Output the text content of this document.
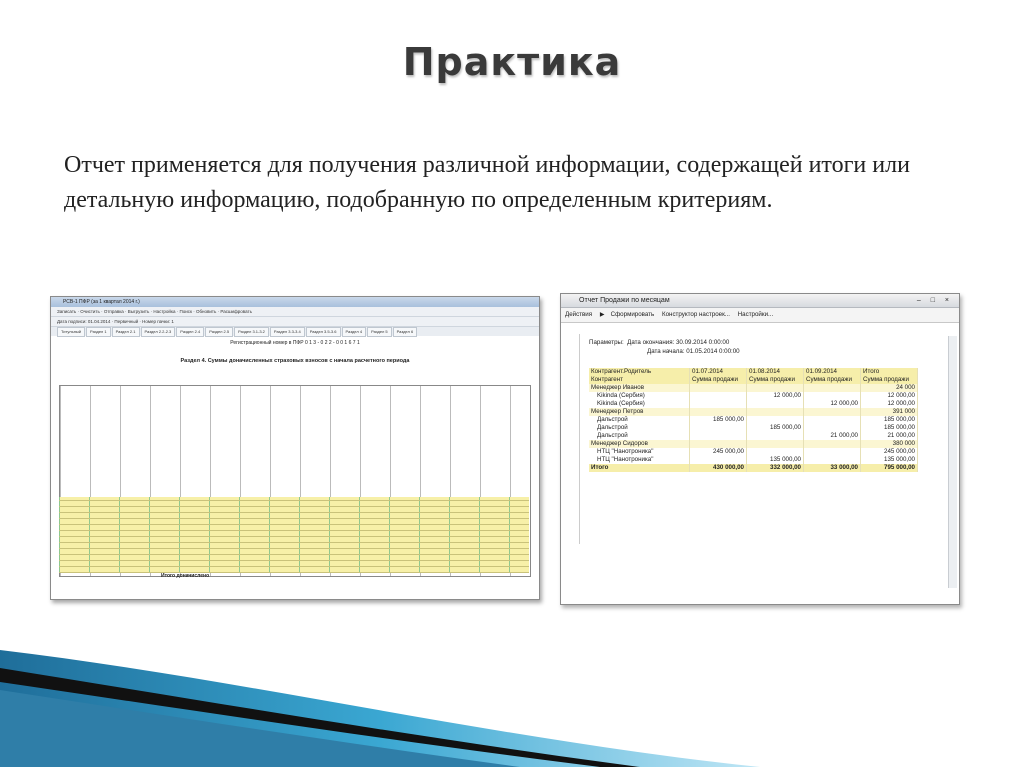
Практика

Отчет применяется для получения различной информации, содержащей итоги или детальную информацию, подобранную по определенным критериям.

РСВ-1 ПФР (за 1 квартал 2014 г.)
Записать · Очистить · Отправка · Выгрузить · Настройка · Поиск · Обновить · Расшифровать
Дата подписи: 01.04.2014 · Первичный · Номер пачки: 1
Титульный	Раздел 1	Раздел 2.1	Раздел 2.2-2.3	Раздел 2.4	Раздел 2.5	Раздел 3.1-3.2	Раздел 3.3-3.4	Раздел 3.5-3.6	Раздел 4	Раздел 5	Раздел 6
Регистрационный номер в ПФР 0 1 3 - 0 2 2 - 0 0 1 6 7 1
Раздел 4. Суммы доначисленных страховых взносов с начала расчетного периода
Итого доначислено
Отчет Продажи по месяцам	– □ ×
Действия ▶ Сформировать Конструктор настроек... Настройки...
Параметры: Дата окончания: 30.09.2014 0:00:00
Дата начала: 01.05.2014 0:00:00
Контрагент.Родитель	01.07.2014	01.08.2014	01.09.2014	Итого
Контрагент	Сумма продажи	Сумма продажи	Сумма продажи	Сумма продажи
Менеджер Иванов				24 000
Kikinda (Сербия)		12 000,00		12 000,00
Kikinda (Сербия)			12 000,00	12 000,00
Менеджер Петров				391 000
Дальстрой	185 000,00			185 000,00
Дальстрой		185 000,00		185 000,00
Дальстрой			21 000,00	21 000,00
Менеджер Сидоров				380 000
НТЦ "Нанотроника"	245 000,00			245 000,00
НТЦ "Нанотроника"		135 000,00		135 000,00
Итого	430 000,00	332 000,00	33 000,00	795 000,00
